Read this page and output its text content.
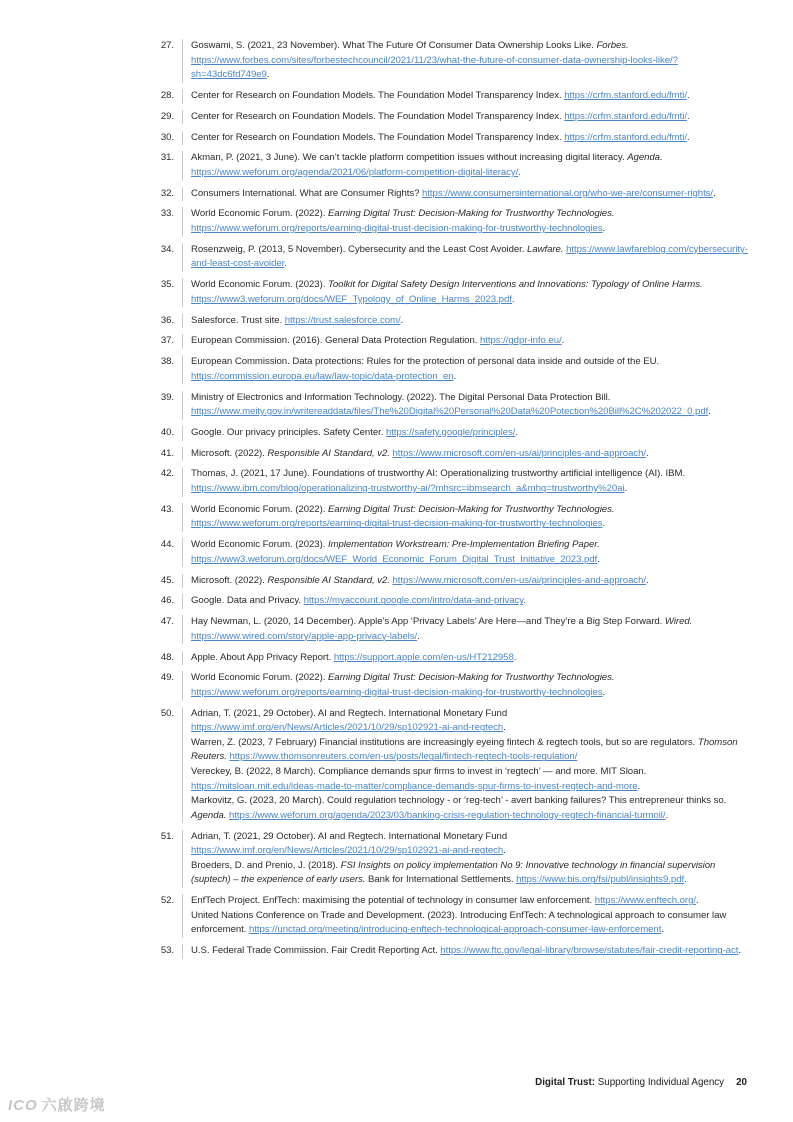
27.	Goswami, S. (2021, 23 November). What The Future Of Consumer Data Ownership Looks Like. Forbes. https://www.forbes.com/sites/forbestechcouncil/2021/11/23/what-the-future-of-consumer-data-ownership-looks-like/?sh=43dc6fd749e9.

28.	Center for Research on Foundation Models. The Foundation Model Transparency Index. https://crfm.stanford.edu/fmti/.

29.	Center for Research on Foundation Models. The Foundation Model Transparency Index. https://crfm.stanford.edu/fmti/.

30.	Center for Research on Foundation Models. The Foundation Model Transparency Index. https://crfm.stanford.edu/fmti/.

31.	Akman, P. (2021, 3 June). We can’t tackle platform competition issues without increasing digital literacy. Agenda. https://www.weforum.org/agenda/2021/06/platform-competition-digital-literacy/.

32.	Consumers International. What are Consumer Rights? https://www.consumersinternational.org/who-we-are/consumer-rights/.

33.	World Economic Forum. (2022). Earning Digital Trust: Decision-Making for Trustworthy Technologies. https://www.weforum.org/reports/earning-digital-trust-decision-making-for-trustworthy-technologies.

34.	Rosenzweig, P. (2013, 5 November). Cybersecurity and the Least Cost Avoider. Lawfare. https://www.lawfareblog.com/cybersecurity-and-least-cost-avoider.

35.	World Economic Forum. (2023). Toolkit for Digital Safety Design Interventions and Innovations: Typology of Online Harms. https://www3.weforum.org/docs/WEF_Typology_of_Online_Harms_2023.pdf.

36.	Salesforce. Trust site. https://trust.salesforce.com/.

37.	European Commission. (2016). General Data Protection Regulation. https://gdpr-info.eu/.

38.	European Commission. Data protections: Rules for the protection of personal data inside and outside of the EU. https://commission.europa.eu/law/law-topic/data-protection_en.

39.	Ministry of Electronics and Information Technology. (2022). The Digital Personal Data Protection Bill. https://www.meity.gov.in/writereaddata/files/The%20Digital%20Personal%20Data%20Potection%20Bill%2C%202022_0.pdf.

40.	Google. Our privacy principles. Safety Center. https://safety.google/principles/.

41.	Microsoft. (2022). Responsible AI Standard, v2. https://www.microsoft.com/en-us/ai/principles-and-approach/.

42.	Thomas, J. (2021, 17 June). Foundations of trustworthy AI: Operationalizing trustworthy artificial intelligence (AI). IBM. https://www.ibm.com/blog/operationalizing-trustworthy-ai/?mhsrc=ibmsearch_a&mhq=trustworthy%20ai.

43.	World Economic Forum. (2022). Earning Digital Trust: Decision-Making for Trustworthy Technologies. https://www.weforum.org/reports/earning-digital-trust-decision-making-for-trustworthy-technologies.

44.	World Economic Forum. (2023). Implementation Workstream: Pre-Implementation Briefing Paper. https://www3.weforum.org/docs/WEF_World_Economic_Forum_Digital_Trust_Initiative_2023.pdf.

45.	Microsoft. (2022). Responsible AI Standard, v2. https://www.microsoft.com/en-us/ai/principles-and-approach/.

46.	Google. Data and Privacy. https://myaccount.google.com/intro/data-and-privacy.

47.	Hay Newman, L. (2020, 14 December). Apple’s App ‘Privacy Labels’ Are Here—and They’re a Big Step Forward. Wired. https://www.wired.com/story/apple-app-privacy-labels/.

48.	Apple. About App Privacy Report. https://support.apple.com/en-us/HT212958.

49.	World Economic Forum. (2022). Earning Digital Trust: Decision-Making for Trustworthy Technologies. https://www.weforum.org/reports/earning-digital-trust-decision-making-for-trustworthy-technologies.

50.	Adrian, T. (2021, 29 October). AI and Regtech. International Monetary Fund https://www.imf.org/en/News/Articles/2021/10/29/sp102921-ai-and-regtech.

Warren, Z. (2023, 7 February) Financial institutions are increasingly eyeing fintech & regtech tools, but so are regulators. Thomson Reuters. https://www.thomsonreuters.com/en-us/posts/legal/fintech-regtech-tools-regulation/

Vereckey, B. (2022, 8 March). Compliance demands spur firms to invest in ‘regtech’ — and more. MIT Sloan. https://mitsloan.mit.edu/ideas-made-to-matter/compliance-demands-spur-firms-to-invest-regtech-and-more.

Markovitz, G. (2023, 20 March). Could regulation technology - or ‘reg-tech’ - avert banking failures? This entrepreneur thinks so. Agenda. https://www.weforum.org/agenda/2023/03/banking-crisis-regulation-technology-regtech-financial-turmoil/.

51.	Adrian, T. (2021, 29 October). AI and Regtech. International Monetary Fund https://www.imf.org/en/News/Articles/2021/10/29/sp102921-ai-and-regtech.

Broeders, D. and Prenio, J. (2018). FSI Insights on policy implementation No 9: Innovative technology in financial supervision (suptech) – the experience of early users. Bank for International Settlements. https://www.bis.org/fsi/publ/insights9.pdf.

52.	EnfTech Project. EnfTech: maximising the potential of technology in consumer law enforcement. https://www.enftech.org/.

United Nations Conference on Trade and Development. (2023). Introducing EnfTech: A technological approach to consumer law enforcement. https://unctad.org/meeting/introducing-enftech-technological-approach-consumer-law-enforcement.

53.	U.S. Federal Trade Commission. Fair Credit Reporting Act. https://www.ftc.gov/legal-library/browse/statutes/fair-credit-reporting-act.

Digital Trust: Supporting Individual Agency 20
ICO 六啟跨境
